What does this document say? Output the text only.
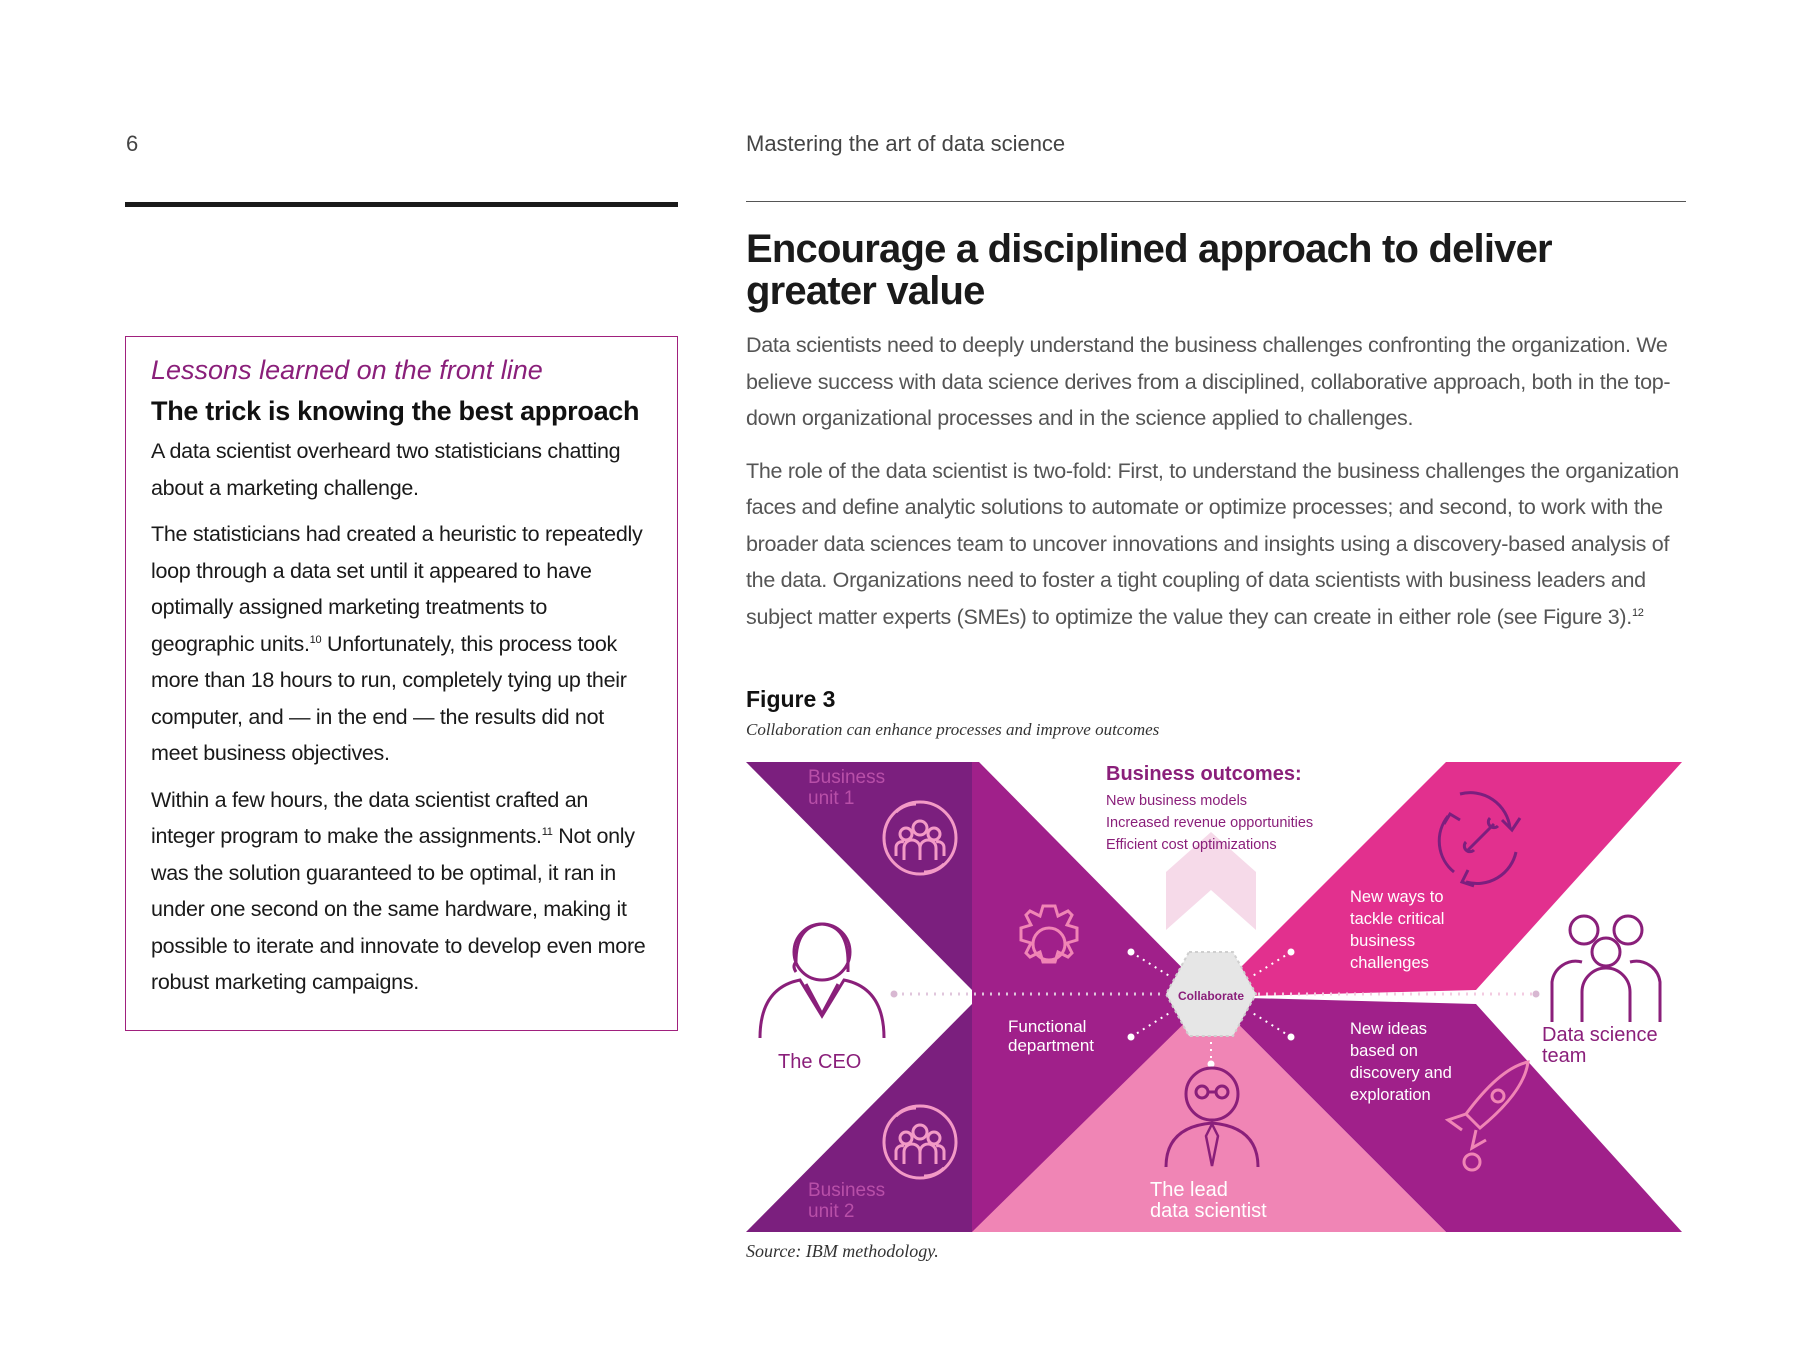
6	Mastering the art of data science

Lessons learned on the front line

The trick is knowing the best approach

A data scientist overheard two statisticians chatting about a marketing challenge.

The statisticians had created a heuristic to repeatedly loop through a data set until it appeared to have optimally assigned marketing treatments to geographic units.$^{10}$ Unfortunately, this process took more than 18 hours to run, completely tying up their computer, and — in the end — the results did not meet business objectives.

Within a few hours, the data scientist crafted an integer program to make the assignments.$^{11}$ Not only was the solution guaranteed to be optimal, it ran in under one second on the same hardware, making it possible to iterate and innovate to develop even more robust marketing campaigns.

Encourage a disciplined approach to deliver greater value

Data scientists need to deeply understand the business challenges confronting the organization. We believe success with data science derives from a disciplined, collaborative approach, both in the top-down organizational processes and in the science applied to challenges.

The role of the data scientist is two-fold: First, to understand the business challenges the organization faces and define analytic solutions to automate or optimize processes; and second, to work with the broader data sciences team to uncover innovations and insights using a discovery-based analysis of the data. Organizations need to foster a tight coupling of data scientists with business leaders and subject matter experts (SMEs) to optimize the value they can create in either role (see Figure 3).$^{12}$

Figure 3
Collaboration can enhance processes and improve outcomes
Business
unit 1
Business
unit 2
The CEO
Functional
department
Business outcomes:
New business models
Increased revenue opportunities
Efficient cost optimizations
Collaborate
New ways to
tackle critical
business
challenges
New ideas
based on
discovery and
exploration
Data science
team
The lead
data scientist
Source: IBM methodology.
